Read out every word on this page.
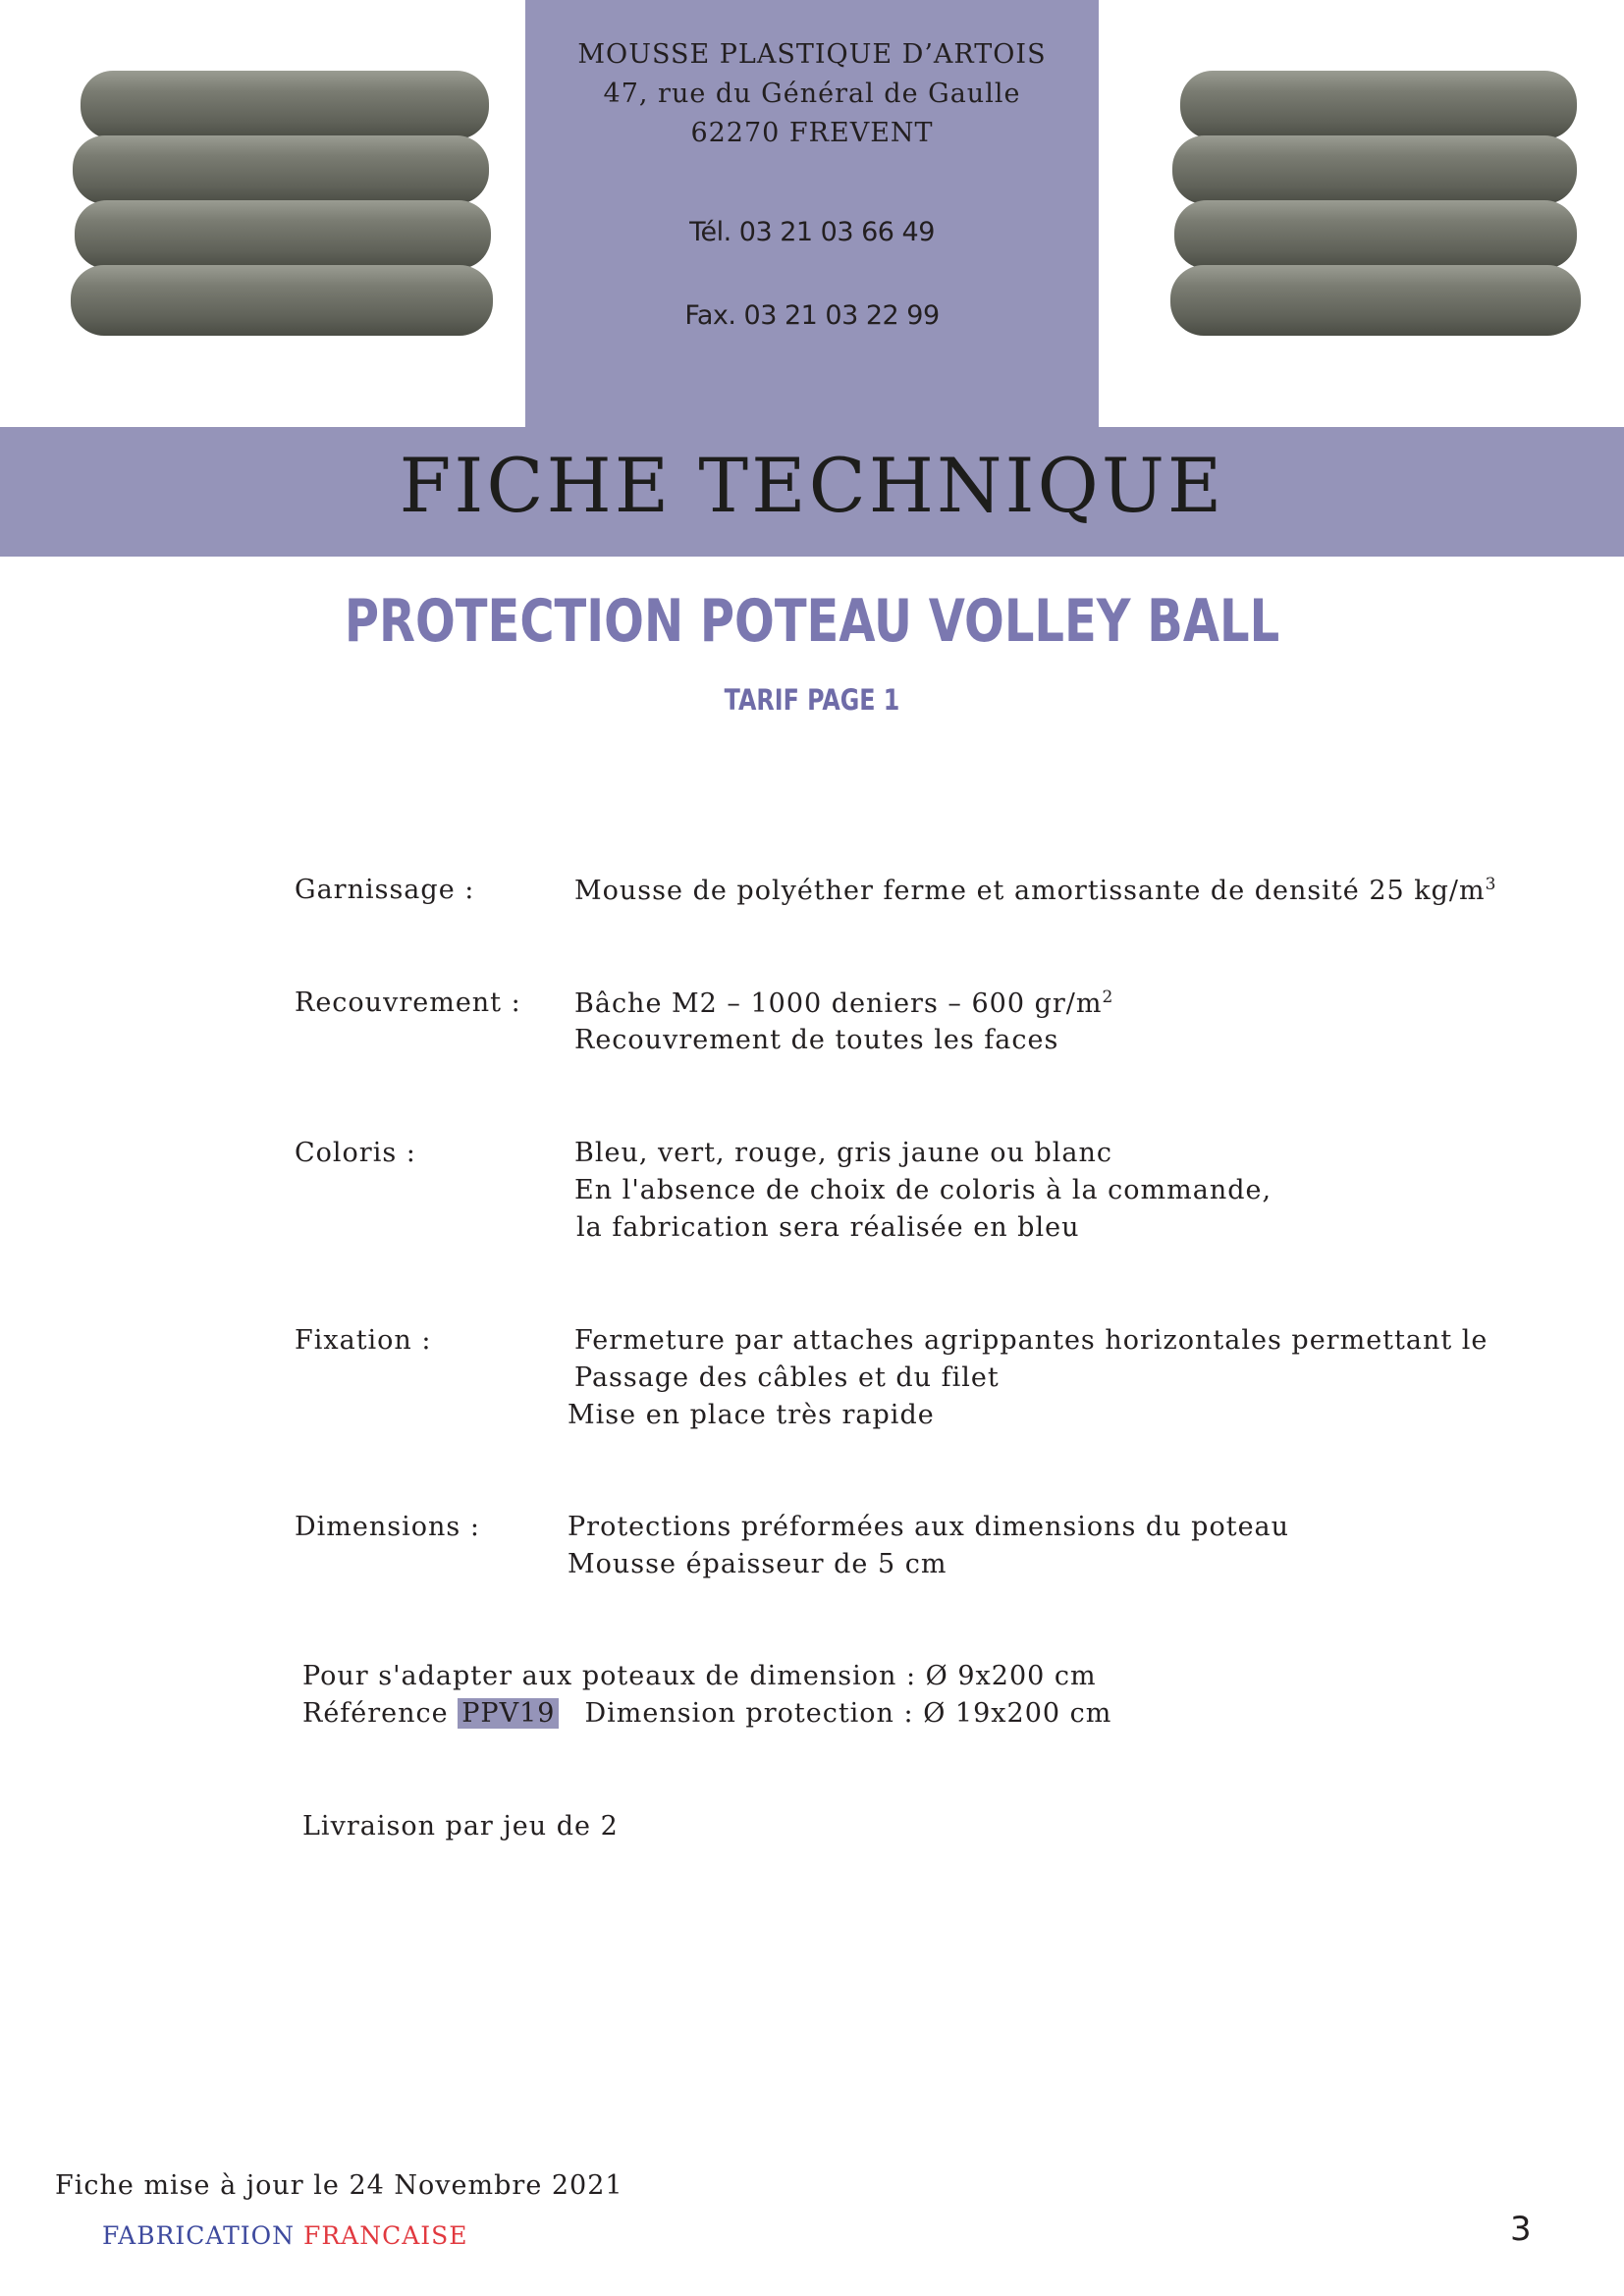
MOUSSE PLASTIQUE D’ARTOIS
47, rue du Général de Gaulle
62270 FREVENT
Tél. 03 21 03 66 49
Fax. 03 21 03 22 99
FICHE TECHNIQUE
PROTECTION POTEAU VOLLEY BALL
TARIF PAGE 1
Garnissage :	Mousse de polyéther ferme et amortissante de densité 25 $kg/m^3$
Recouvrement : Bâche M2 – 1000 deniers – 600 $gr/m^2$
Recouvrement de toutes les faces
Coloris :	Bleu, vert, rouge, gris jaune ou blanc
En l'absence de choix de coloris à la commande,
la fabrication sera réalisée en bleu
Fixation :	Fermeture par attaches agrippantes horizontales permettant le
Passage des câbles et du filet
Mise en place très rapide
Dimensions :	Protections préformées aux dimensions du poteau
Mousse épaisseur de 5 cm
Pour s'adapter aux poteaux de dimension : Ø 9x200 cm
Référence PPV19 Dimension protection : Ø 19x200 cm
Livraison par jeu de 2
Fiche mise à jour le 24 Novembre 2021
FABRICATION FRANCAISE	3
